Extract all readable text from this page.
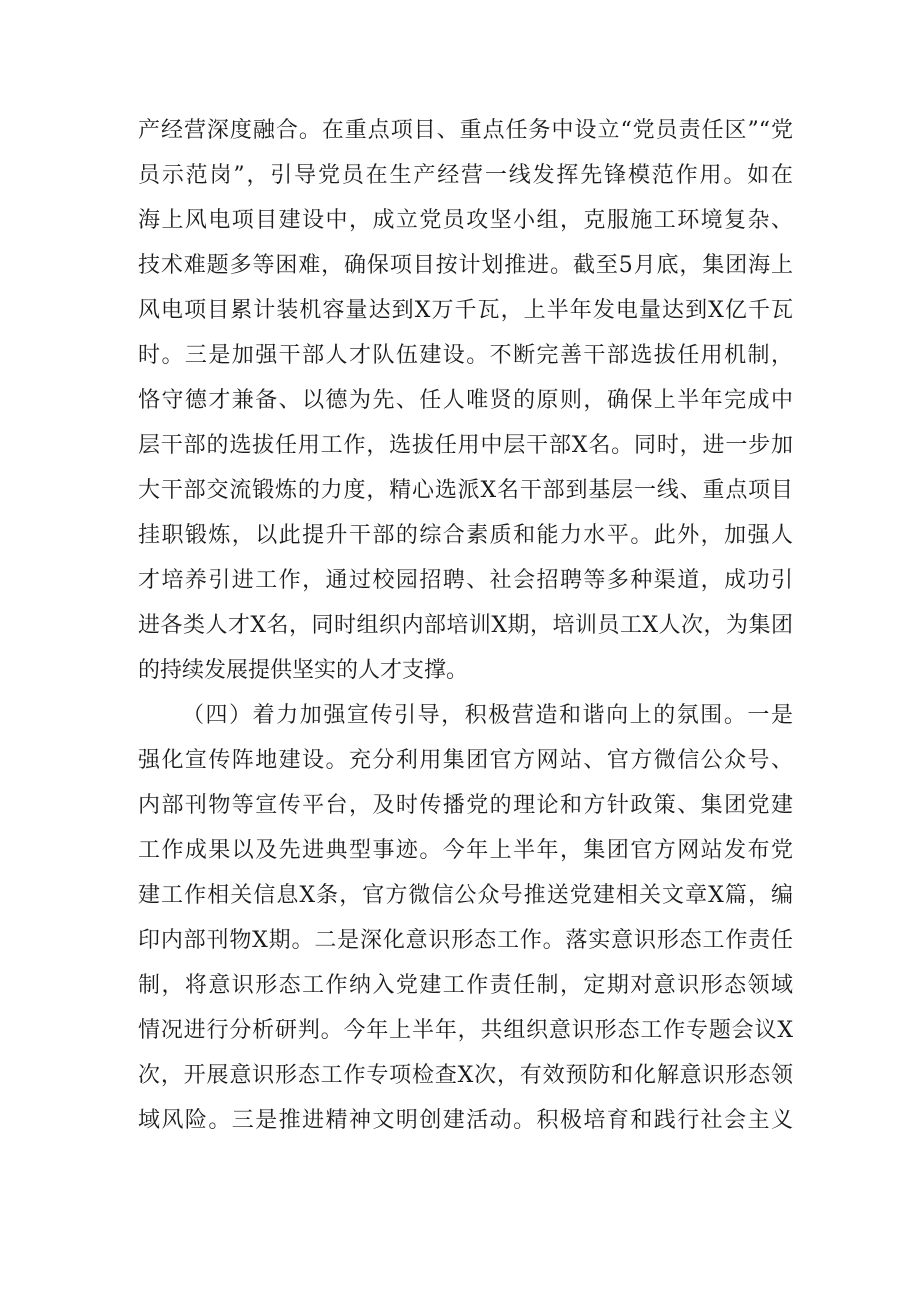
产经营深度融合。在重点项目、重点任务中设立“党员责任区”“党
员示范岗”，引导党员在生产经营一线发挥先锋模范作用。如在
海上风电项目建设中，成立党员攻坚小组，克服施工环境复杂、
技术难题多等困难，确保项目按计划推进。截至5月底，集团海上
风电项目累计装机容量达到X万千瓦，上半年发电量达到X亿千瓦
时。三是加强干部人才队伍建设。不断完善干部选拔任用机制，
恪守德才兼备、以德为先、任人唯贤的原则，确保上半年完成中
层干部的选拔任用工作，选拔任用中层干部X名。同时，进一步加
大干部交流锻炼的力度，精心选派X名干部到基层一线、重点项目
挂职锻炼，以此提升干部的综合素质和能力水平。此外，加强人
才培养引进工作，通过校园招聘、社会招聘等多种渠道，成功引
进各类人才X名，同时组织内部培训X期，培训员工X人次，为集团
的持续发展提供坚实的人才支撑。
（四）着力加强宣传引导，积极营造和谐向上的氛围。一是
强化宣传阵地建设。充分利用集团官方网站、官方微信公众号、
内部刊物等宣传平台，及时传播党的理论和方针政策、集团党建
工作成果以及先进典型事迹。今年上半年，集团官方网站发布党
建工作相关信息X条，官方微信公众号推送党建相关文章X篇，编
印内部刊物X期。二是深化意识形态工作。落实意识形态工作责任
制，将意识形态工作纳入党建工作责任制，定期对意识形态领域
情况进行分析研判。今年上半年，共组织意识形态工作专题会议X
次，开展意识形态工作专项检查X次，有效预防和化解意识形态领
域风险。三是推进精神文明创建活动。积极培育和践行社会主义
